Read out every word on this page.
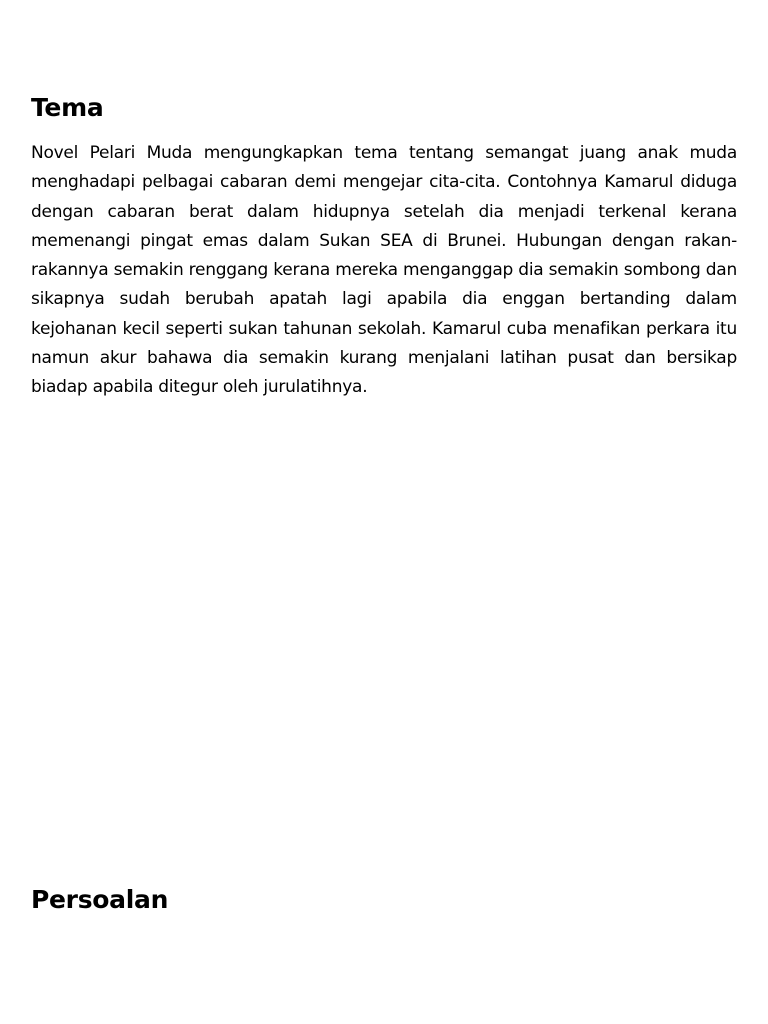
Tema

Novel Pelari Muda mengungkapkan tema tentang semangat juang anak muda menghadapi pelbagai cabaran demi mengejar cita-cita. Contohnya Kamarul diduga dengan cabaran berat dalam hidupnya setelah dia menjadi terkenal kerana memenangi pingat emas dalam Sukan SEA di Brunei. Hubungan dengan rakan-rakannya semakin renggang kerana mereka menganggap dia semakin sombong dan sikapnya sudah berubah apatah lagi apabila dia enggan bertanding dalam kejohanan kecil seperti sukan tahunan sekolah. Kamarul cuba menafikan perkara itu namun akur bahawa dia semakin kurang menjalani latihan pusat dan bersikap biadap apabila ditegur oleh jurulatihnya.

Persoalan
